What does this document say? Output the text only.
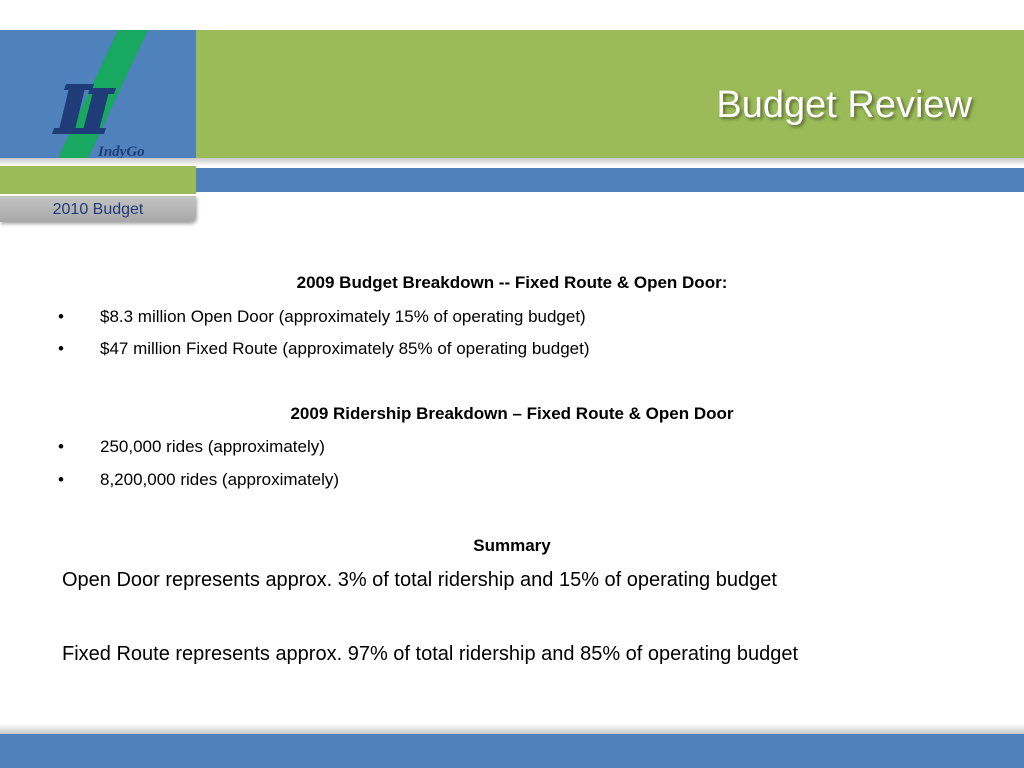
IndyGo
Budget Review
2010 Budget
2009 Budget Breakdown -- Fixed Route & Open Door:
• $8.3 million Open Door (approximately 15% of operating budget)
• $47 million Fixed Route (approximately 85% of operating budget)
2009 Ridership Breakdown – Fixed Route & Open Door
• 250,000 rides (approximately)
• 8,200,000 rides (approximately)
Summary
Open Door represents approx. 3% of total ridership and 15% of operating budget
Fixed Route represents approx. 97% of total ridership and 85% of operating budget
